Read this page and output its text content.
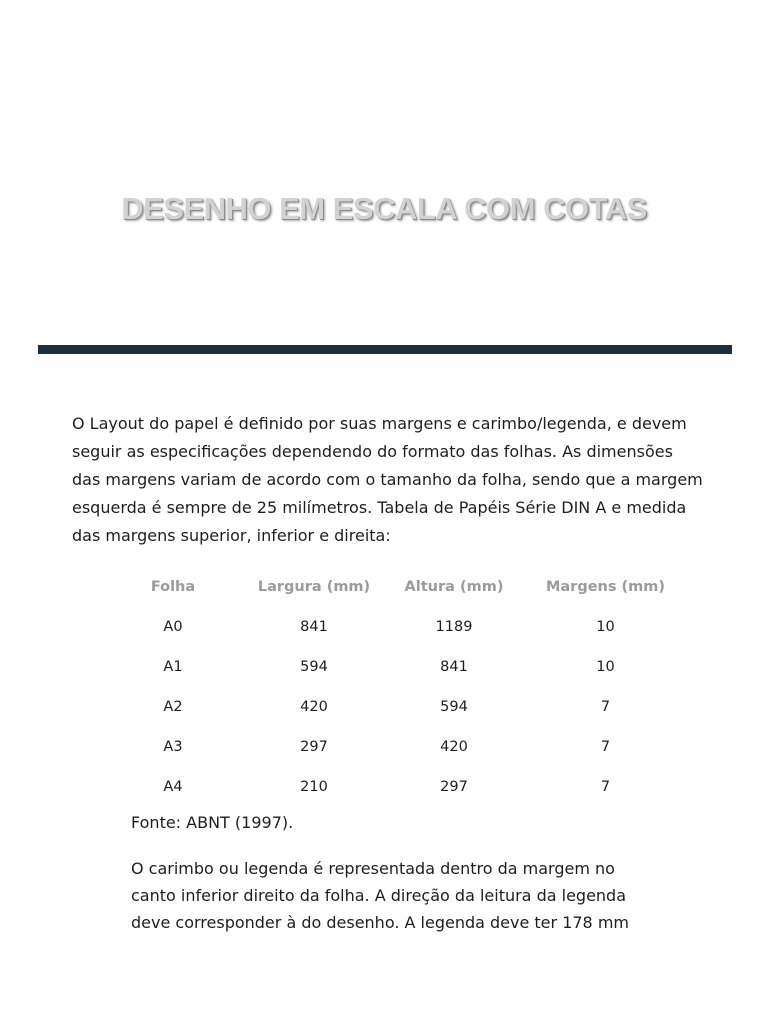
DESENHO EM ESCALA COM COTAS

O Layout do papel é definido por suas margens e carimbo/legenda, e devem
seguir as especificações dependendo do formato das folhas. As dimensões
das margens variam de acordo com o tamanho da folha, sendo que a margem
esquerda é sempre de 25 milímetros. Tabela de Papéis Série DIN A e medida
das margens superior, inferior e direita:

Folha	Largura (mm)	Altura (mm)	Margens (mm)
A0	841	1189	10
A1	594	841	10
A2	420	594	7
A3	297	420	7
A4	210	297	7

Fonte: ABNT (1997).

O carimbo ou legenda é representada dentro da margem no
canto inferior direito da folha. A direção da leitura da legenda
deve corresponder à do desenho. A legenda deve ter 178 mm
